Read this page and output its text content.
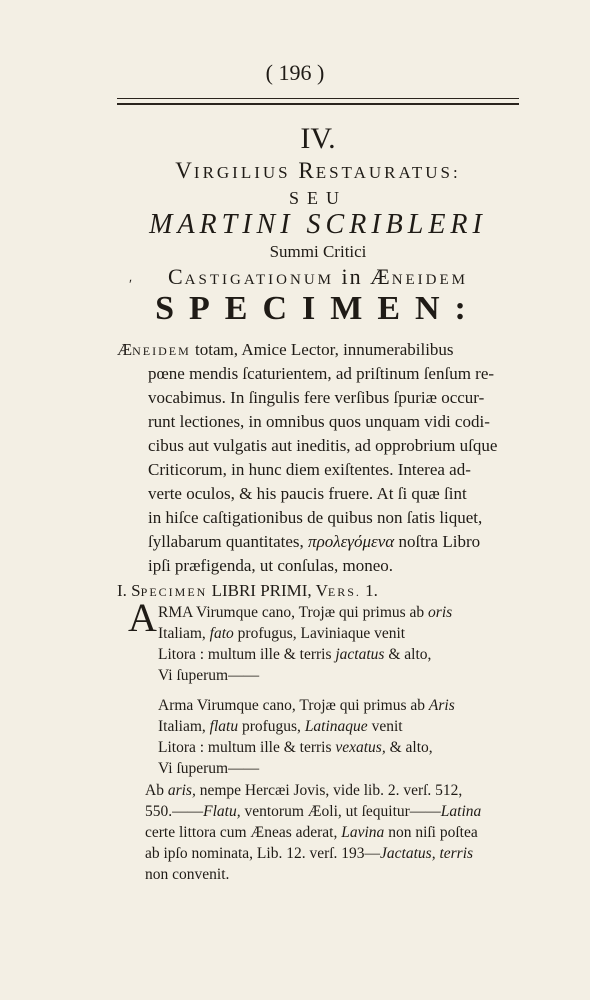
( 196 )
IV.
VIRGILIUS RESTAURATUS:
SEU
MARTINI SCRIBLERI
Summi Critici
ʹ	CASTIGATIONUM in ÆNEIDEM
SPECIMEN:
ÆNEIDEM totam, Amice Lector, innumerabilibus
pœne mendis ſcaturientem, ad priſtinum ſenſum re-
vocabimus. In ſingulis fere verſibus ſpuriæ occur-
runt lectiones, in omnibus quos unquam vidi codi-
cibus aut vulgatis aut ineditis, ad opprobrium uſque
Criticorum, in hunc diem exiſtentes. Interea ad-
verte oculos, & his paucis fruere. At ſi quæ ſint
in hiſce caſtigationibus de quibus non ſatis liquet,
ſyllabarum quantitates, προλεγόμενα noſtra Libro
ipſi præfigenda, ut conſulas, moneo.
I. SPECIMEN LIBRI PRIMI, VERS. 1.
A RMA Virumque cano, Trojæ qui primus ab oris
Italiam, fato profugus, Laviniaque venit
Litora : multum ille & terris jactatus & alto,
Vi ſuperum——
Arma Virumque cano, Trojæ qui primus ab Aris
Italiam, flatu profugus, Latinaque venit
Litora : multum ille & terris vexatus, & alto,
Vi ſuperum——
Ab aris, nempe Hercæi Jovis, vide lib. 2. verſ. 512,
550.——Flatu, ventorum Æoli, ut ſequitur——Latina
certe littora cum Æneas aderat, Lavina non niſi poſtea
ab ipſo nominata, Lib. 12. verſ. 193—Jactatus, terris
non convenit.
